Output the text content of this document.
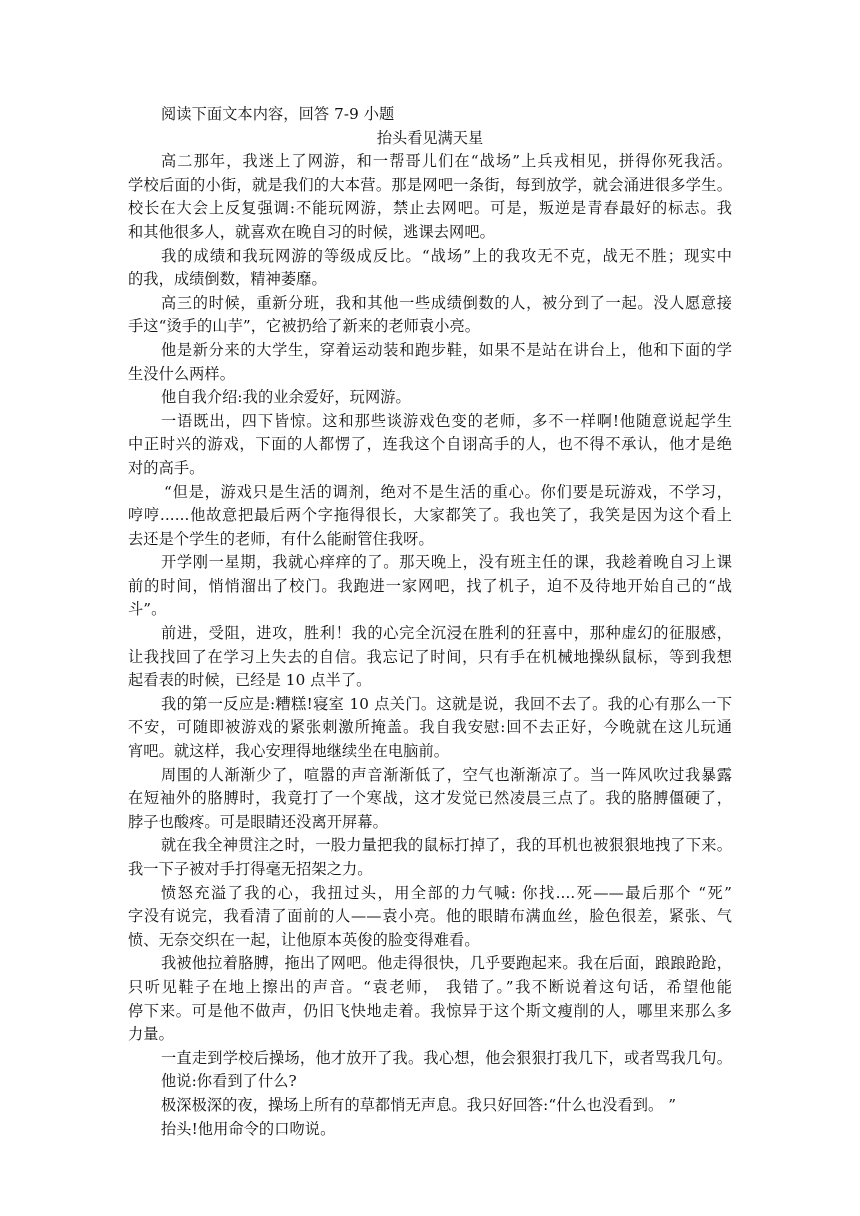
阅读下面文本内容，回答 7-9 小题
抬头看见满天星
高二那年，我迷上了网游，和一帮哥儿们在“战场”上兵戎相见，拼得你死我活。
学校后面的小街，就是我们的大本营。那是网吧一条街，每到放学，就会涌进很多学生。
校长在大会上反复强调:不能玩网游，禁止去网吧。可是，叛逆是青春最好的标志。我
和其他很多人，就喜欢在晚自习的时候，逃课去网吧。
我的成绩和我玩网游的等级成反比。“战场”上的我攻无不克，战无不胜；现实中
的我，成绩倒数，精神萎靡。
高三的时候，重新分班，我和其他一些成绩倒数的人，被分到了一起。没人愿意接
手这“烫手的山芋”，它被扔给了新来的老师袁小亮。
他是新分来的大学生，穿着运动装和跑步鞋，如果不是站在讲台上，他和下面的学
生没什么两样。
他自我介绍:我的业余爱好，玩网游。
一语既出，四下皆惊。这和那些谈游戏色变的老师，多不一样啊!他随意说起学生
中正时兴的游戏，下面的人都愣了，连我这个自诩高手的人，也不得不承认，他才是绝
对的高手。
“但是，游戏只是生活的调剂，绝对不是生活的重心。你们要是玩游戏，不学习，
哼哼......他故意把最后两个字拖得很长，大家都笑了。我也笑了，我笑是因为这个看上
去还是个学生的老师，有什么能耐管住我呀。
开学刚一星期，我就心痒痒的了。那天晚上，没有班主任的课，我趁着晚自习上课
前的时间，悄悄溜出了校门。我跑进一家网吧，找了机子，迫不及待地开始自己的“战
斗”。
前进，受阻，进攻，胜利！我的心完全沉浸在胜利的狂喜中，那种虚幻的征服感，
让我找回了在学习上失去的自信。我忘记了时间，只有手在机械地操纵鼠标，等到我想
起看表的时候，已经是 10 点半了。
我的第一反应是:糟糕!寝室 10 点关门。这就是说，我回不去了。我的心有那么一下
不安，可随即被游戏的紧张刺激所掩盖。我自我安慰:回不去正好，今晚就在这儿玩通
宵吧。就这样，我心安理得地继续坐在电脑前。
周围的人渐渐少了，喧嚣的声音渐渐低了，空气也渐渐凉了。当一阵风吹过我暴露
在短袖外的胳膊时，我竟打了一个寒战，这才发觉已然凌晨三点了。我的胳膊僵硬了，
脖子也酸疼。可是眼睛还没离开屏幕。
就在我全神贯注之时，一股力量把我的鼠标打掉了，我的耳机也被狠狠地拽了下来。
我一下子被对手打得毫无招架之力。
愤怒充溢了我的心，我扭过头，用全部的力气喊: 你找....死——最后那个 “死”
字没有说完，我看清了面前的人——袁小亮。他的眼睛布满血丝，脸色很差，紧张、气
愤、无奈交织在一起，让他原本英俊的脸变得难看。
我被他拉着胳膊，拖出了网吧。他走得很快，几乎要跑起来。我在后面，踉踉跄跄，
只听见鞋子在地上擦出的声音。“袁老师， 我错了。”我不断说着这句话，希望他能
停下来。可是他不做声，仍旧飞快地走着。我惊异于这个斯文瘦削的人，哪里来那么多
力量。
一直走到学校后操场，他才放开了我。我心想，他会狠狠打我几下，或者骂我几句。
他说:你看到了什么?
极深极深的夜，操场上所有的草都悄无声息。我只好回答:“什么也没看到。 ”
抬头!他用命令的口吻说。
